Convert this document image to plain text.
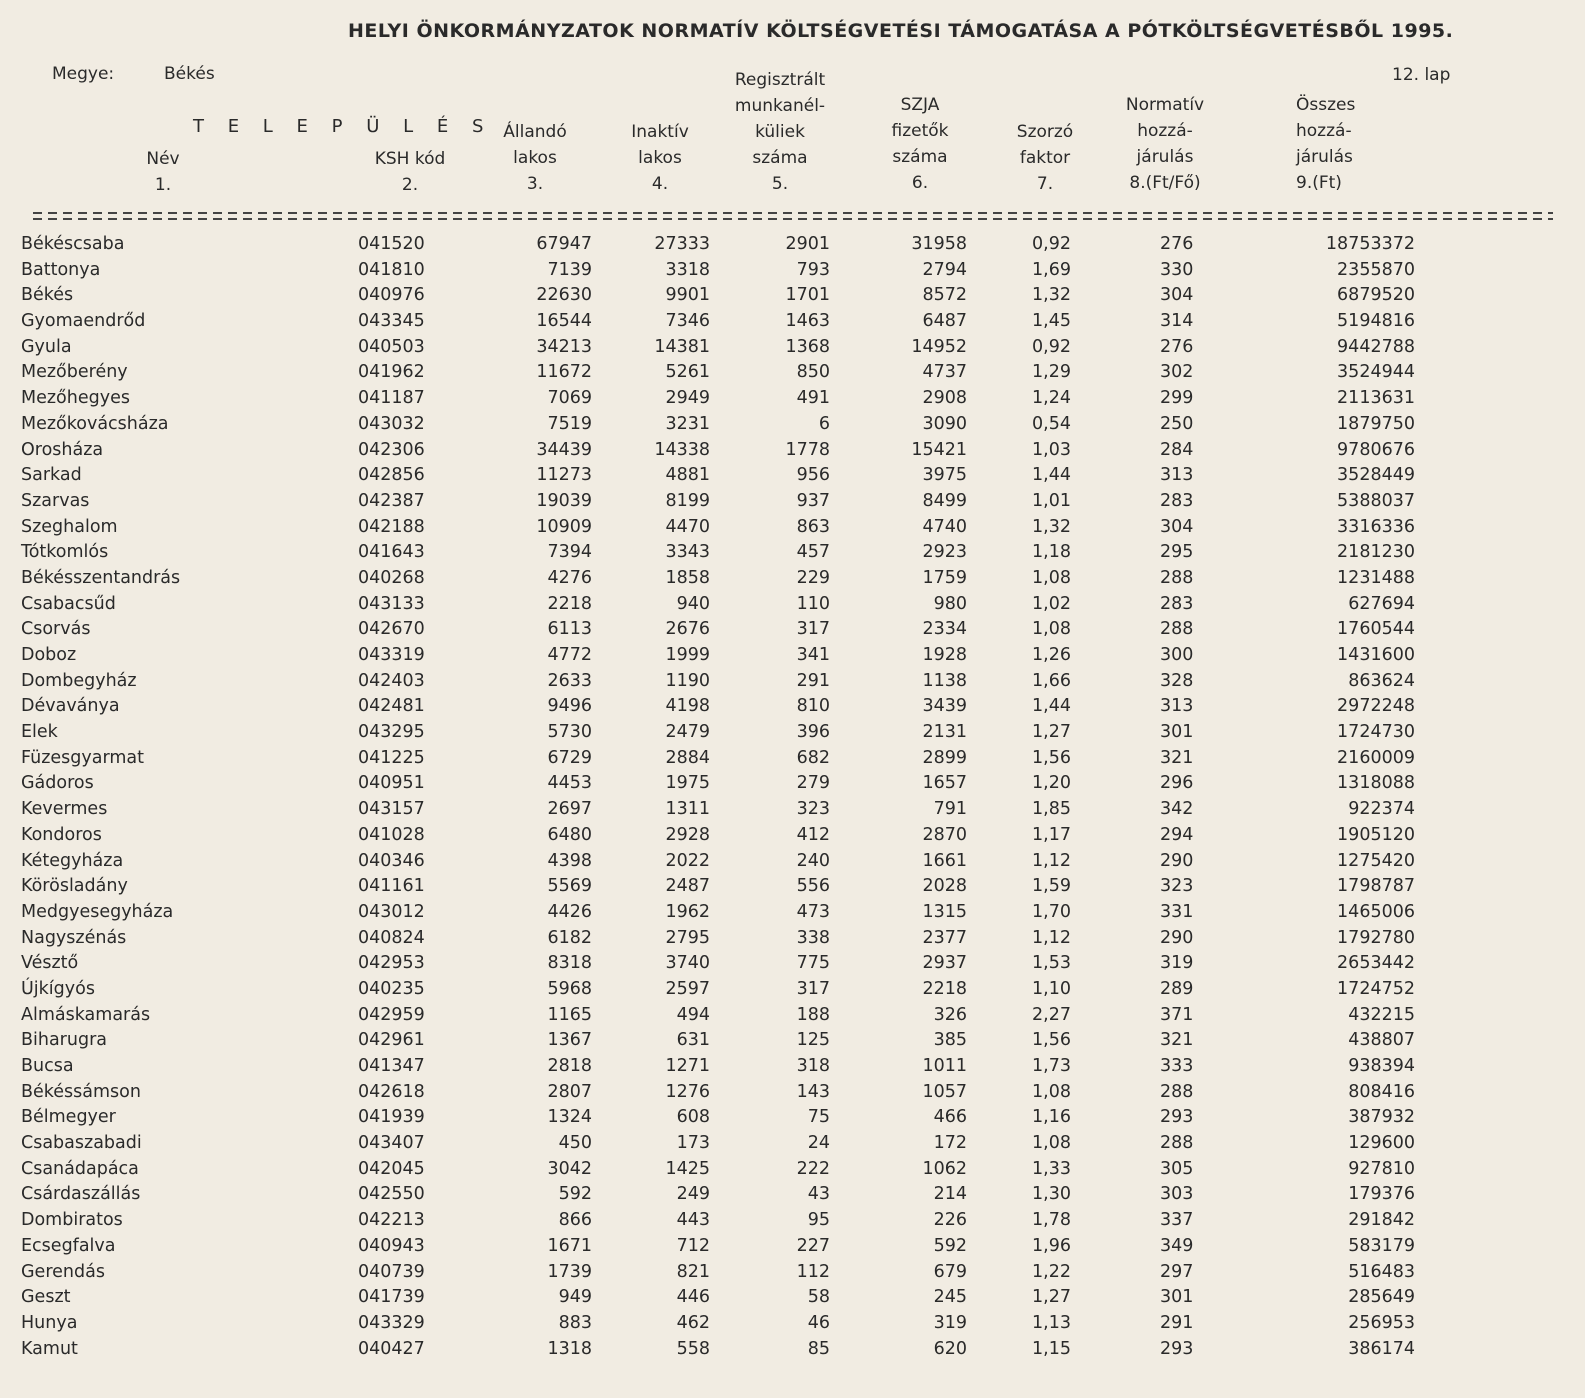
HELYI ÖNKORMÁNYZATOK NORMATÍV KÖLTSÉGVETÉSI TÁMOGATÁSA A PÓTKÖLTSÉGVETÉSBŐL 1995.
Megye:	Békés	12. lap
T E L E P Ü L É S
Név
1.
KSH kód
2.
Állandó
lakos
3.
Inaktív
lakos
4.
Regisztrált
munkanél-
küliek
száma
5.
SZJA
fizetők
száma
6.
Szorzó
faktor
7.
Normatív
hozzá-
járulás
8.(Ft/Fő)
Összes
hozzá-
járulás
9.(Ft)
Békéscsaba	041520	67947	27333	2901	31958	0,92	276	18753372
Battonya	041810	7139	3318	793	2794	1,69	330	2355870
Békés	040976	22630	9901	1701	8572	1,32	304	6879520
Gyomaendrőd	043345	16544	7346	1463	6487	1,45	314	5194816
Gyula	040503	34213	14381	1368	14952	0,92	276	9442788
Mezőberény	041962	11672	5261	850	4737	1,29	302	3524944
Mezőhegyes	041187	7069	2949	491	2908	1,24	299	2113631
Mezőkovácsháza	043032	7519	3231	6	3090	0,54	250	1879750
Orosháza	042306	34439	14338	1778	15421	1,03	284	9780676
Sarkad	042856	11273	4881	956	3975	1,44	313	3528449
Szarvas	042387	19039	8199	937	8499	1,01	283	5388037
Szeghalom	042188	10909	4470	863	4740	1,32	304	3316336
Tótkomlós	041643	7394	3343	457	2923	1,18	295	2181230
Békésszentandrás	040268	4276	1858	229	1759	1,08	288	1231488
Csabacsűd	043133	2218	940	110	980	1,02	283	627694
Csorvás	042670	6113	2676	317	2334	1,08	288	1760544
Doboz	043319	4772	1999	341	1928	1,26	300	1431600
Dombegyház	042403	2633	1190	291	1138	1,66	328	863624
Dévaványa	042481	9496	4198	810	3439	1,44	313	2972248
Elek	043295	5730	2479	396	2131	1,27	301	1724730
Füzesgyarmat	041225	6729	2884	682	2899	1,56	321	2160009
Gádoros	040951	4453	1975	279	1657	1,20	296	1318088
Kevermes	043157	2697	1311	323	791	1,85	342	922374
Kondoros	041028	6480	2928	412	2870	1,17	294	1905120
Kétegyháza	040346	4398	2022	240	1661	1,12	290	1275420
Körösladány	041161	5569	2487	556	2028	1,59	323	1798787
Medgyesegyháza	043012	4426	1962	473	1315	1,70	331	1465006
Nagyszénás	040824	6182	2795	338	2377	1,12	290	1792780
Vésztő	042953	8318	3740	775	2937	1,53	319	2653442
Újkígyós	040235	5968	2597	317	2218	1,10	289	1724752
Almáskamarás	042959	1165	494	188	326	2,27	371	432215
Biharugra	042961	1367	631	125	385	1,56	321	438807
Bucsa	041347	2818	1271	318	1011	1,73	333	938394
Békéssámson	042618	2807	1276	143	1057	1,08	288	808416
Bélmegyer	041939	1324	608	75	466	1,16	293	387932
Csabaszabadi	043407	450	173	24	172	1,08	288	129600
Csanádapáca	042045	3042	1425	222	1062	1,33	305	927810
Csárdaszállás	042550	592	249	43	214	1,30	303	179376
Dombiratos	042213	866	443	95	226	1,78	337	291842
Ecsegfalva	040943	1671	712	227	592	1,96	349	583179
Gerendás	040739	1739	821	112	679	1,22	297	516483
Geszt	041739	949	446	58	245	1,27	301	285649
Hunya	043329	883	462	46	319	1,13	291	256953
Kamut	040427	1318	558	85	620	1,15	293	386174
